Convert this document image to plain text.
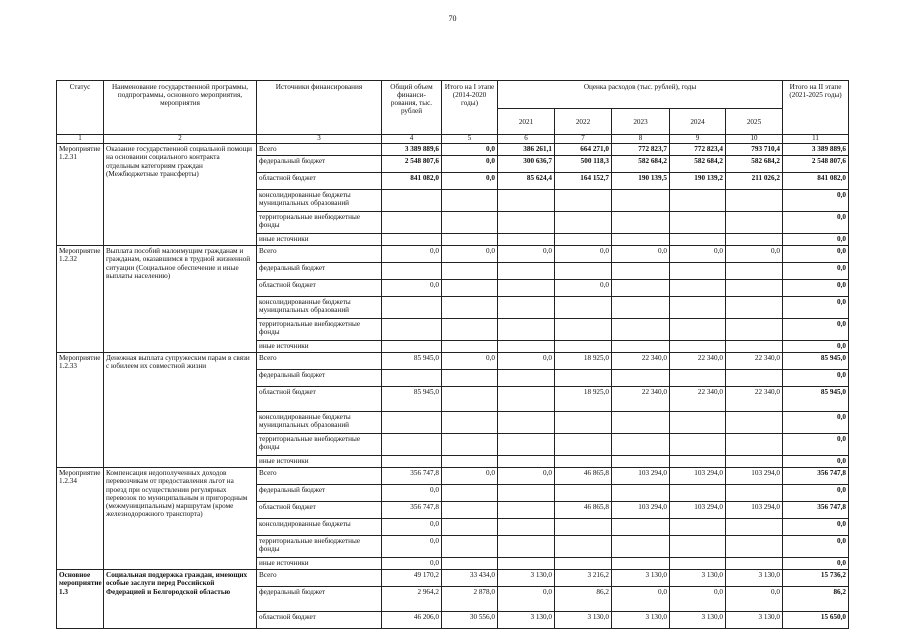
70
Статус	Наименование государственной программы, подпрограммы, основного мероприятия, мероприятия	Источники финансирования	Общий объем финанси-рования, тыс. рублей	Итого на I этапе (2014-2020 годы)	Оценка расходов (тыс. рублей), годы					Итого на II этапе (2021-2025 годы)
					2021	2022	2023	2024	2025	
1	2	3	4	5	6	7	8	9	10	11
Мероприятие 1.2.31	Оказание государственной социальной помощи на основании социального контракта отдельным категориям граждан (Межбюджетные трансферты)	Всего	3 389 889,6	0,0	386 261,1	664 271,0	772 823,7	772 823,4	793 710,4	3 389 889,6
		федеральный бюджет	2 548 807,6	0,0	300 636,7	500 118,3	582 684,2	582 684,2	582 684,2	2 548 807,6
		областной бюджет	841 082,0	0,0	85 624,4	164 152,7	190 139,5	190 139,2	211 026,2	841 082,0
		консолидированные бюджеты муниципальных образований								0,0
		территориальные внебюджетные фонды								0,0
		иные источники								0,0
Мероприятие 1.2.32	Выплата пособий малоимущим гражданам и гражданам, оказавшимся в трудной жизненной ситуации (Социальное обеспечение и иные выплаты населению)	Всего	0,0	0,0	0,0	0,0	0,0	0,0	0,0	0,0
		федеральный бюджет								0,0
		областной бюджет	0,0			0,0				0,0
		консолидированные бюджеты муниципальных образований								0,0
		территориальные внебюджетные фонды								0,0
		иные источники								0,0
Мероприятие 1.2.33	Денежная выплата супружеским парам в связи с юбилеем их совместной жизни	Всего	85 945,0	0,0	0,0	18 925,0	22 340,0	22 340,0	22 340,0	85 945,0
		федеральный бюджет								0,0
		областной бюджет	85 945,0			18 925,0	22 340,0	22 340,0	22 340,0	85 945,0
		консолидированные бюджеты муниципальных образований								0,0
		территориальные внебюджетные фонды								0,0
		иные источники								0,0
Мероприятие 1.2.34	Компенсация недополученных доходов перевозчикам от предоставления льгот на проезд при осуществлении регулярных перевозок по муниципальным и пригородным (межмуниципальным) маршрутам (кроме железнодорожного транспорта)	Всего	356 747,8	0,0	0,0	46 865,8	103 294,0	103 294,0	103 294,0	356 747,8
		федеральный бюджет	0,0							0,0
		областной бюджет	356 747,8			46 865,8	103 294,0	103 294,0	103 294,0	356 747,8
		консолидированные бюджеты	0,0							0,0
		территориальные внебюджетные фонды	0,0							0,0
		иные источники	0,0							0,0
Основное мероприятие 1.3	Социальная поддержка граждан, имеющих особые заслуги перед Российской Федерацией и Белгородской областью	Всего	49 170,2	33 434,0	3 130,0	3 216,2	3 130,0	3 130,0	3 130,0	15 736,2
		федеральный бюджет	2 964,2	2 878,0	0,0	86,2	0,0	0,0	0,0	86,2
		областной бюджет	46 206,0	30 556,0	3 130,0	3 130,0	3 130,0	3 130,0	3 130,0	15 650,0
